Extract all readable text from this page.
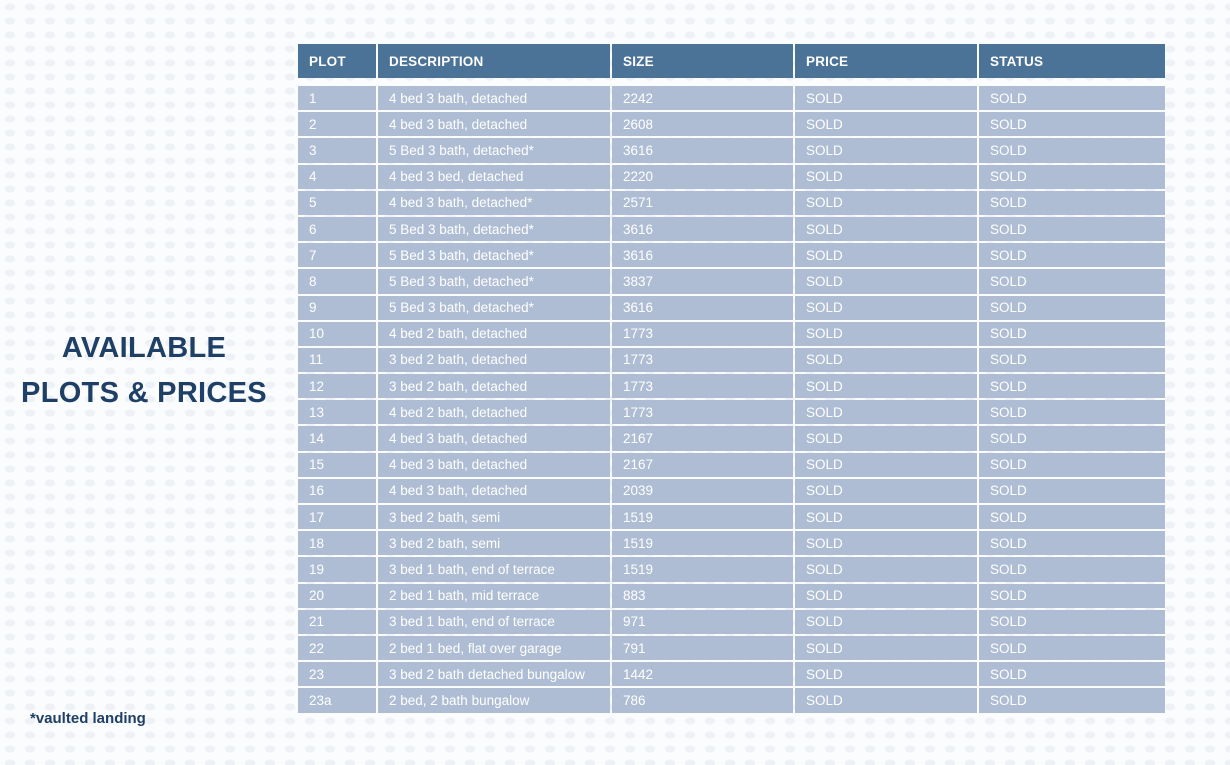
AVAILABLE
PLOTS & PRICES
*vaulted landing
PLOT	DESCRIPTION	SIZE	PRICE	STATUS

1	4 bed 3 bath, detached	2242	SOLD	SOLD
2	4 bed 3 bath, detached	2608	SOLD	SOLD
3	5 Bed 3 bath, detached*	3616	SOLD	SOLD
4	4 bed 3 bed, detached	2220	SOLD	SOLD
5	4 bed 3 bath, detached*	2571	SOLD	SOLD
6	5 Bed 3 bath, detached*	3616	SOLD	SOLD
7	5 Bed 3 bath, detached*	3616	SOLD	SOLD
8	5 Bed 3 bath, detached*	3837	SOLD	SOLD
9	5 Bed 3 bath, detached*	3616	SOLD	SOLD
10	4 bed 2 bath, detached	1773	SOLD	SOLD
11	3 bed 2 bath, detached	1773	SOLD	SOLD
12	3 bed 2 bath, detached	1773	SOLD	SOLD
13	4 bed 2 bath, detached	1773	SOLD	SOLD
14	4 bed 3 bath, detached	2167	SOLD	SOLD
15	4 bed 3 bath, detached	2167	SOLD	SOLD
16	4 bed 3 bath, detached	2039	SOLD	SOLD
17	3 bed 2 bath, semi	1519	SOLD	SOLD
18	3 bed 2 bath, semi	1519	SOLD	SOLD
19	3 bed 1 bath, end of terrace	1519	SOLD	SOLD
20	2 bed 1 bath, mid terrace	883	SOLD	SOLD
21	3 bed 1 bath, end of terrace	971	SOLD	SOLD
22	2 bed 1 bed, flat over garage	791	SOLD	SOLD
23	3 bed 2 bath detached bungalow	1442	SOLD	SOLD
23a	2 bed, 2 bath bungalow	786	SOLD	SOLD
